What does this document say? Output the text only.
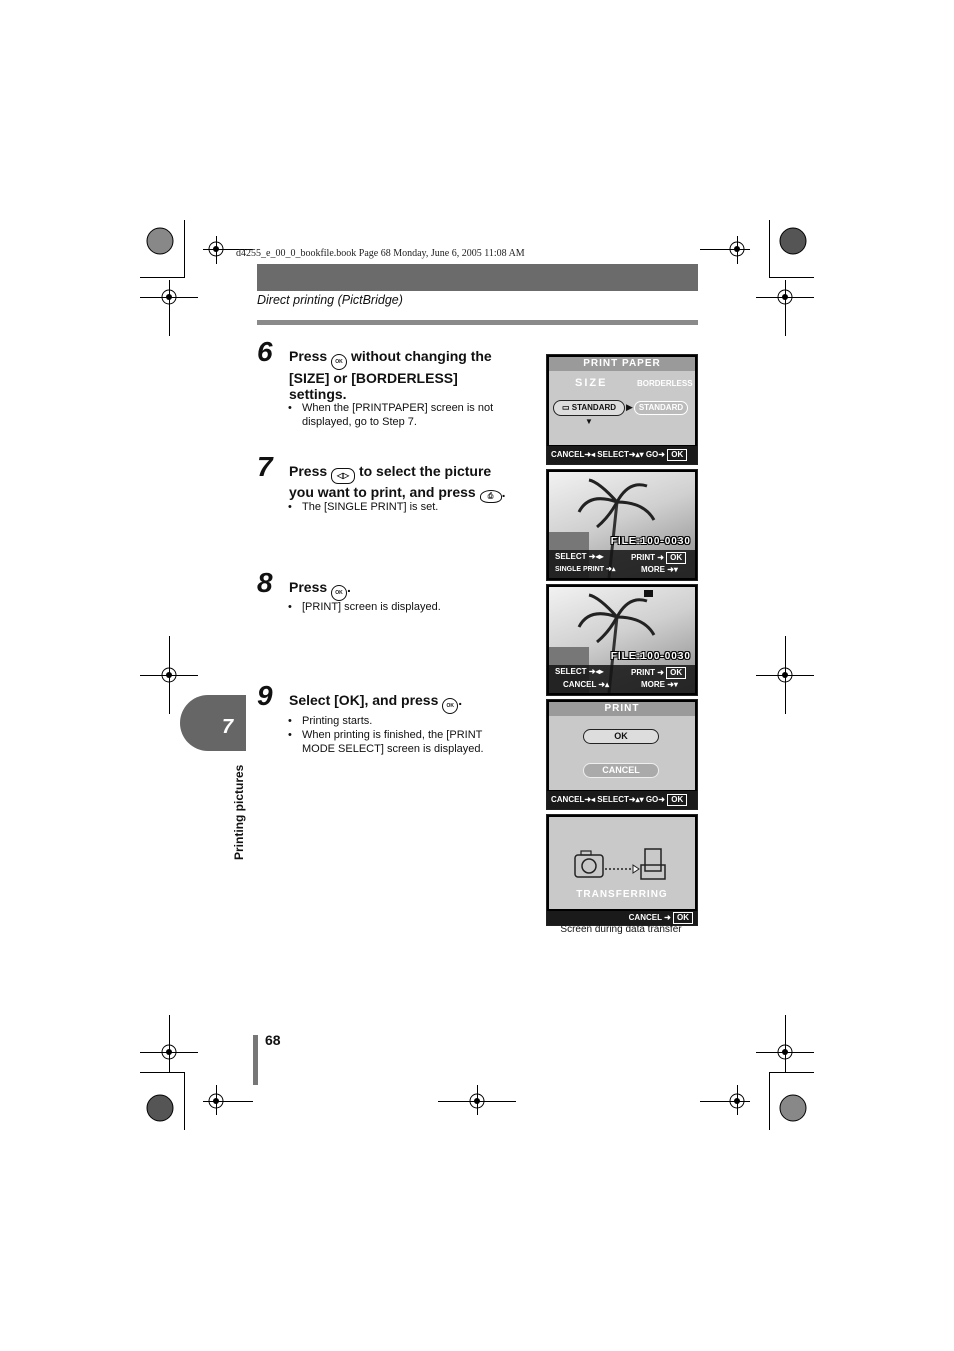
d4255_e_00_0_bookfile.book Page 68 Monday, June 6, 2005 11:08 AM
Direct printing (PictBridge)
6 Press OK without changing the [SIZE] or [BORDERLESS] settings.
• When the [PRINTPAPER] screen is not displayed, go to Step 7.
7 Press ◁▷ to select the picture you want to print, and press ⎙ .
• The [SINGLE PRINT] is set.
8 Press OK .
• [PRINT] screen is displayed.
9 Select [OK], and press OK .
• Printing starts.
• When printing is finished, the [PRINT MODE SELECT] screen is displayed.
PRINT PAPER
SIZE	BORDERLESS
▭ STANDARD	▶ STANDARD
▼
CANCEL➜◂ SELECT➜▴▾ GO➜ OK
FILE:100-0030
SELECT ➜◂▸	PRINT ➜ OK
SINGLE PRINT ➜▴	MORE ➜▾
FILE:100-0030
SELECT ➜◂▸	PRINT ➜ OK
CANCEL ➜▴	MORE ➜▾
PRINT
OK
CANCEL
CANCEL➜◂ SELECT➜▴▾ GO➜ OK
TRANSFERRING
CANCEL ➜ OK
Screen during data transfer
7
Printing pictures
68
